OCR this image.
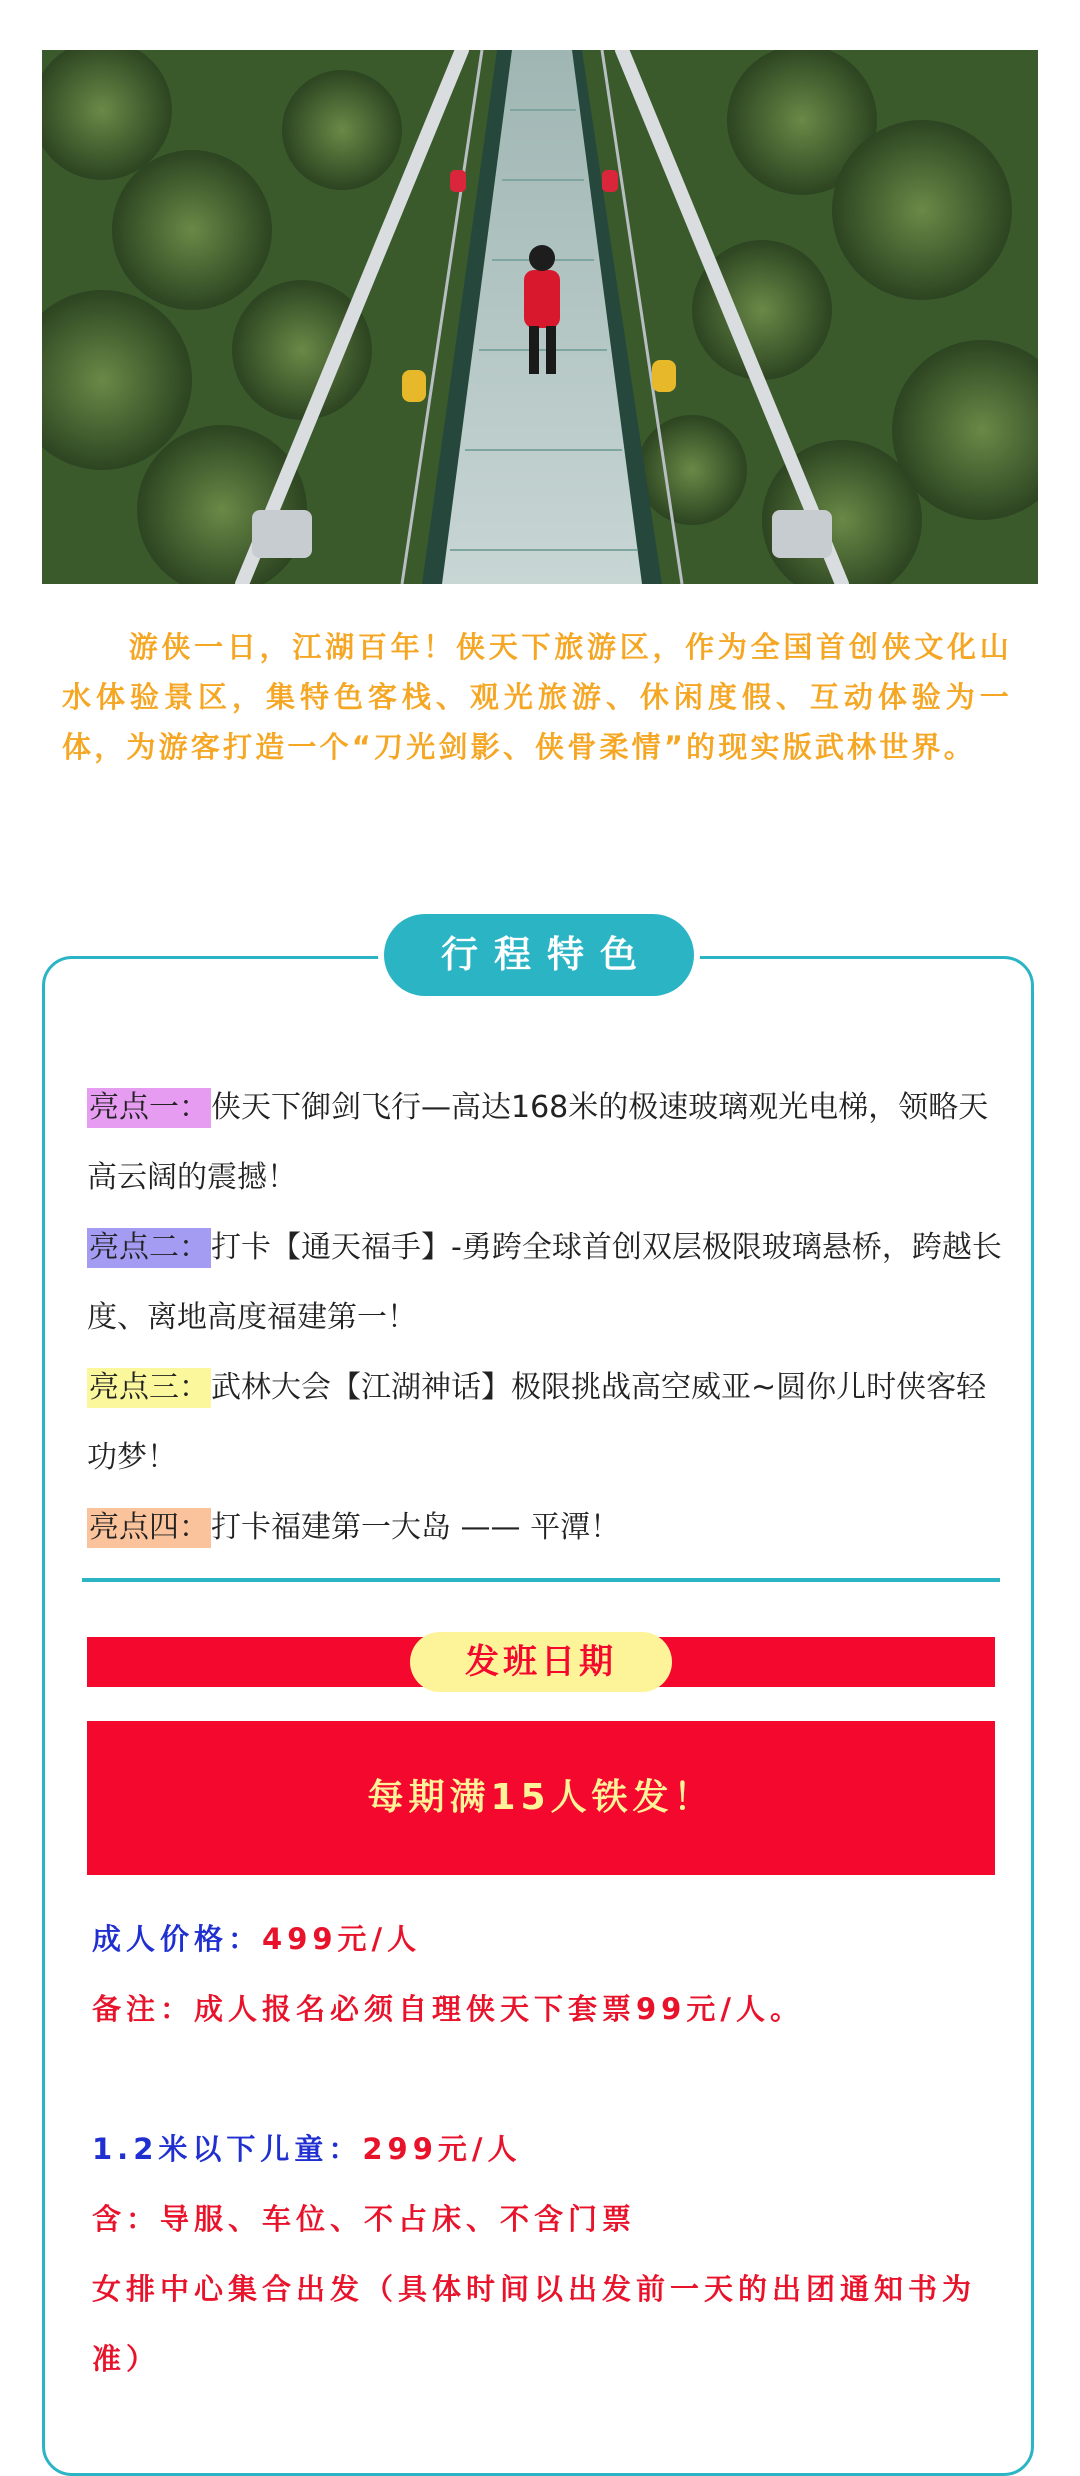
游侠一日，江湖百年！侠天下旅游区，作为全国首创侠文化山水体验景区，集特色客栈、观光旅游、休闲度假、互动体验为一体，为游客打造一个“刀光剑影、侠骨柔情”的现实版武林世界。
行程特色
亮点一：侠天下御剑飞行—高达168米的极速玻璃观光电梯，领略天高云阔的震撼！
亮点二：打卡【通天福手】-勇跨全球首创双层极限玻璃悬桥，跨越长度、离地高度福建第一！
亮点三：武林大会【江湖神话】极限挑战高空威亚~圆你儿时侠客轻功梦！
亮点四：打卡福建第一大岛 —— 平潭！
发班日期
每期满15人铁发！
成人价格：499元/人
备注：成人报名必须自理侠天下套票99元/人。
1.2米以下儿童：299元/人
含：导服、车位、不占床、不含门票
女排中心集合出发（具体时间以出发前一天的出团通知书为准）
